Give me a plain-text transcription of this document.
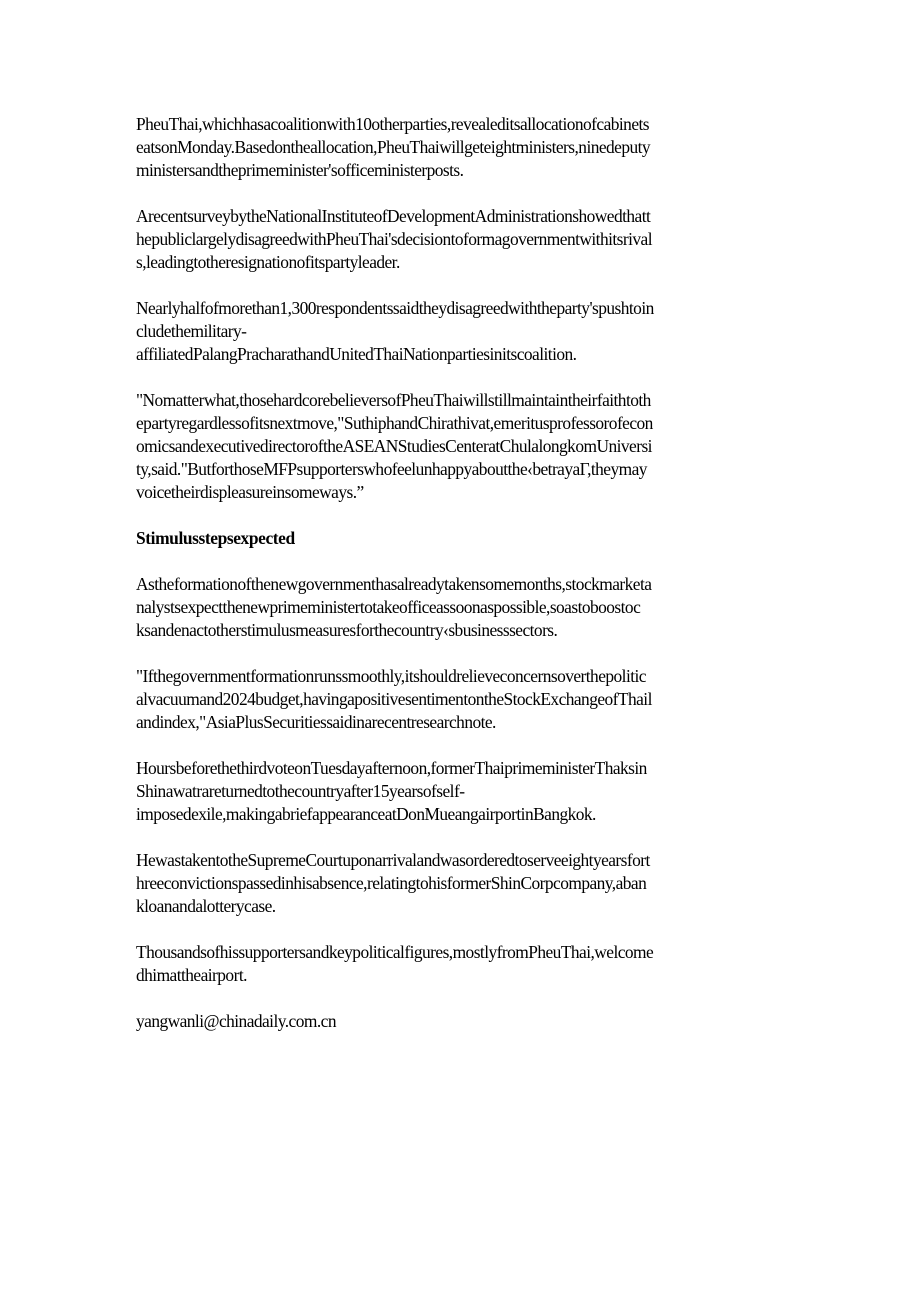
PheuThai,whichhasacoalitionwith10otherparties,revealeditsallocationofcabinets
eatsonMonday.Basedontheallocation,PheuThaiwillgeteightministers,ninedeputy
ministersandtheprimeminister'sofficeministerposts.

ArecentsurveybytheNationalInstituteofDevelopmentAdministrationshowedthatt
hepubliclargelydisagreedwithPheuThai'sdecisiontoformagovernmentwithitsrival
s,leadingtotheresignationofitspartyleader.

Nearlyhalfofmorethan1,300respondentssaidtheydisagreedwiththeparty'spushtoin
cludethemilitary-
affiliatedPalangPracharathandUnitedThaiNationpartiesinitscoalition.

"Nomatterwhat,thosehardcorebelieversofPheuThaiwillstillmaintaintheirfaithtoth
epartyregardlessofitsnextmove,"SuthiphandChirathivat,emeritusprofessorofecon
omicsandexecutivedirectoroftheASEANStudiesCenteratChulalongkomUniversi
ty,said."ButforthoseMFPsupporterswhofeelunhappyaboutthe‹betrayaΓ,theymay
voicetheirdispleasureinsomeways.”

Stimulusstepsexpected

Astheformationofthenewgovernmenthasalreadytakensomemonths,stockmarketa
nalystsexpectthenewprimeministertotakeofficeassoonaspossible,soastoboostoc
ksandenactotherstimulusmeasuresforthecountry‹sbusinesssectors.

"Ifthegovernmentformationrunssmoothly,itshouldrelieveconcernsoverthepolitic
alvacuumand2024budget,havingapositivesentimentontheStockExchangeofThail
andindex,"AsiaPlusSecuritiessaidinarecentresearchnote.

HoursbeforethethirdvoteonTuesdayafternoon,formerThaiprimeministerThaksin
Shinawatrareturnedtothecountryafter15yearsofself-
imposedexile,makingabriefappearanceatDonMueangairportinBangkok.

HewastakentotheSupremeCourtuponarrivalandwasorderedtoserveeightyearsfort
hreeconvictionspassedinhisabsence,relatingtohisformerShinCorpcompany,aban
kloanandalotterycase.

Thousandsofhissupportersandkeypoliticalfigures,mostlyfromPheuThai,welcome
dhimattheairport.

yangwanli@chinadaily.com.cn
